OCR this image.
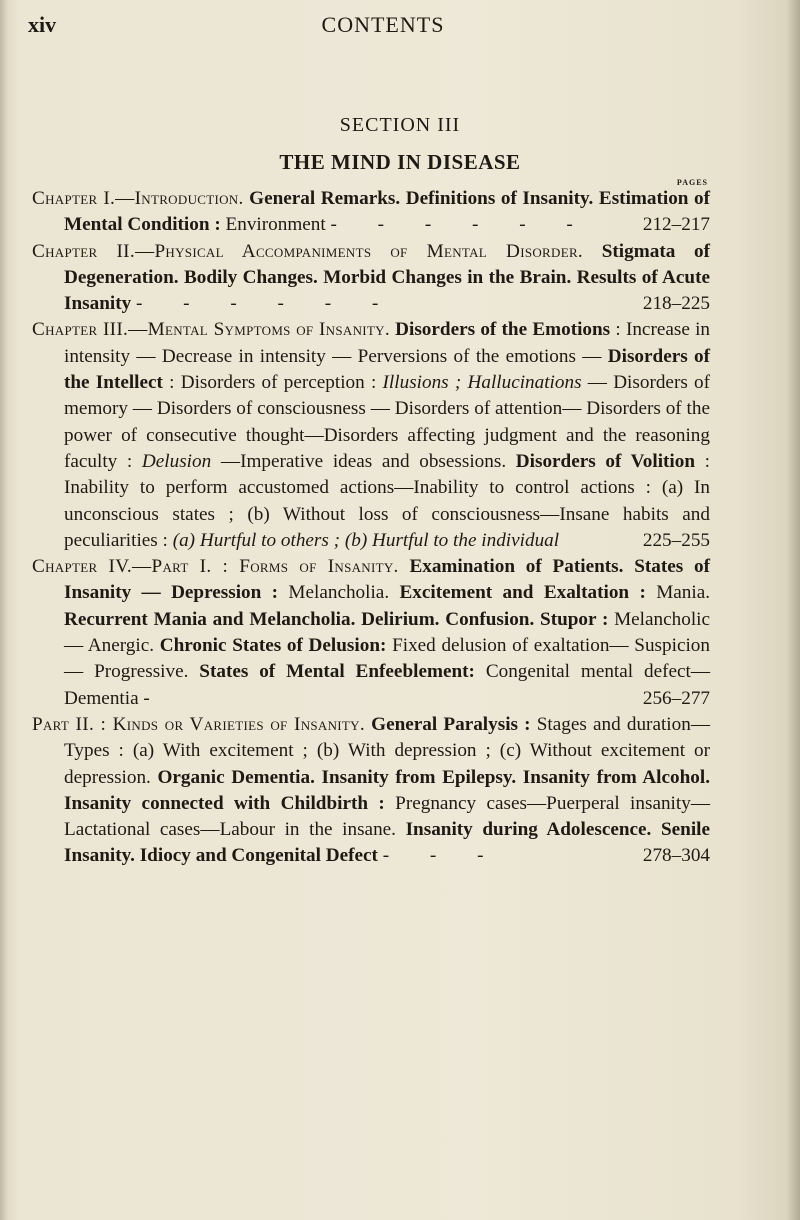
xiv	CONTENTS
SECTION III
THE MIND IN DISEASE
PAGES

Chapter I.—Introduction. General Remarks. Definitions of Insanity. Estimation of Mental Condition : Environment - - - - - -	212–217

Chapter II.—Physical Accompaniments of Mental Disorder. Stigmata of Degeneration. Bodily Changes. Morbid Changes in the Brain. Results of Acute Insanity - - - - - -	218–225

Chapter III.—Mental Symptoms of Insanity. Disorders of the Emotions : Increase in intensity — Decrease in intensity — Perversions of the emotions — Disorders of the Intellect : Disorders of perception : Illusions ; Hallucinations — Disorders of memory — Disorders of consciousness — Disorders of attention— Disorders of the power of consecutive thought—Disorders affecting judgment and the reasoning faculty : Delusion —Imperative ideas and obsessions. Disorders of Volition : Inability to perform accustomed actions—Inability to control actions : (a) In unconscious states ; (b) Without loss of consciousness—Insane habits and peculiarities : (a) Hurtful to others ; (b) Hurtful to the individual	225–255

Chapter IV.—Part I. : Forms of Insanity. Examination of Patients. States of Insanity — Depression : Melancholia. Excitement and Exaltation : Mania. Recurrent Mania and Melancholia. Delirium. Confusion. Stupor : Melancholic — Anergic. Chronic States of Delusion: Fixed delusion of exaltation— Suspicion — Progressive. States of Mental Enfeeblement: Congenital mental defect—Dementia -	256–277

Part II. : Kinds or Varieties of Insanity. General Paralysis : Stages and duration—Types : (a) With excitement ; (b) With depression ; (c) Without excitement or depression. Organic Dementia. Insanity from Epilepsy. Insanity from Alcohol. Insanity connected with Childbirth : Pregnancy cases—Puerperal insanity—Lactational cases—Labour in the insane. Insanity during Adolescence. Senile Insanity. Idiocy and Congenital Defect - - -	278–304
